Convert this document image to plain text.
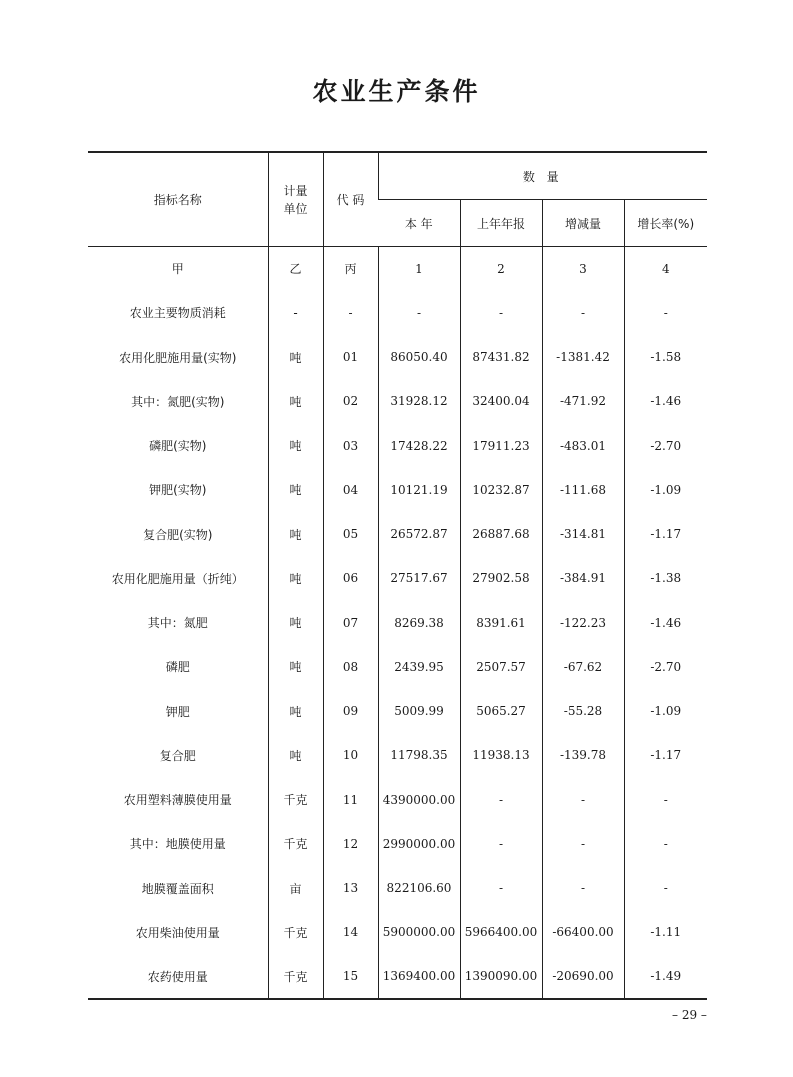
农业生产条件
指标名称	计量单位	代 码	数 量			
			本 年	上年年报	增减量	增长率(%)
甲	乙	丙	1	2	3	4
农业主要物质消耗	-	-	-	-	-	-
农用化肥施用量(实物)	吨	01	86050.40	87431.82	-1381.42	-1.58
其中：氮肥(实物)	吨	02	31928.12	32400.04	-471.92	-1.46
磷肥(实物)	吨	03	17428.22	17911.23	-483.01	-2.70
钾肥(实物)	吨	04	10121.19	10232.87	-111.68	-1.09
复合肥(实物)	吨	05	26572.87	26887.68	-314.81	-1.17
农用化肥施用量（折纯）	吨	06	27517.67	27902.58	-384.91	-1.38
其中：氮肥	吨	07	8269.38	8391.61	-122.23	-1.46
磷肥	吨	08	2439.95	2507.57	-67.62	-2.70
钾肥	吨	09	5009.99	5065.27	-55.28	-1.09
复合肥	吨	10	11798.35	11938.13	-139.78	-1.17
农用塑料薄膜使用量	千克	11	4390000.00	-	-	-
其中：地膜使用量	千克	12	2990000.00	-	-	-
地膜覆盖面积	亩	13	822106.60	-	-	-
农用柴油使用量	千克	14	5900000.00	5966400.00	-66400.00	-1.11
农药使用量	千克	15	1369400.00	1390090.00	-20690.00	-1.49
– 29 –
